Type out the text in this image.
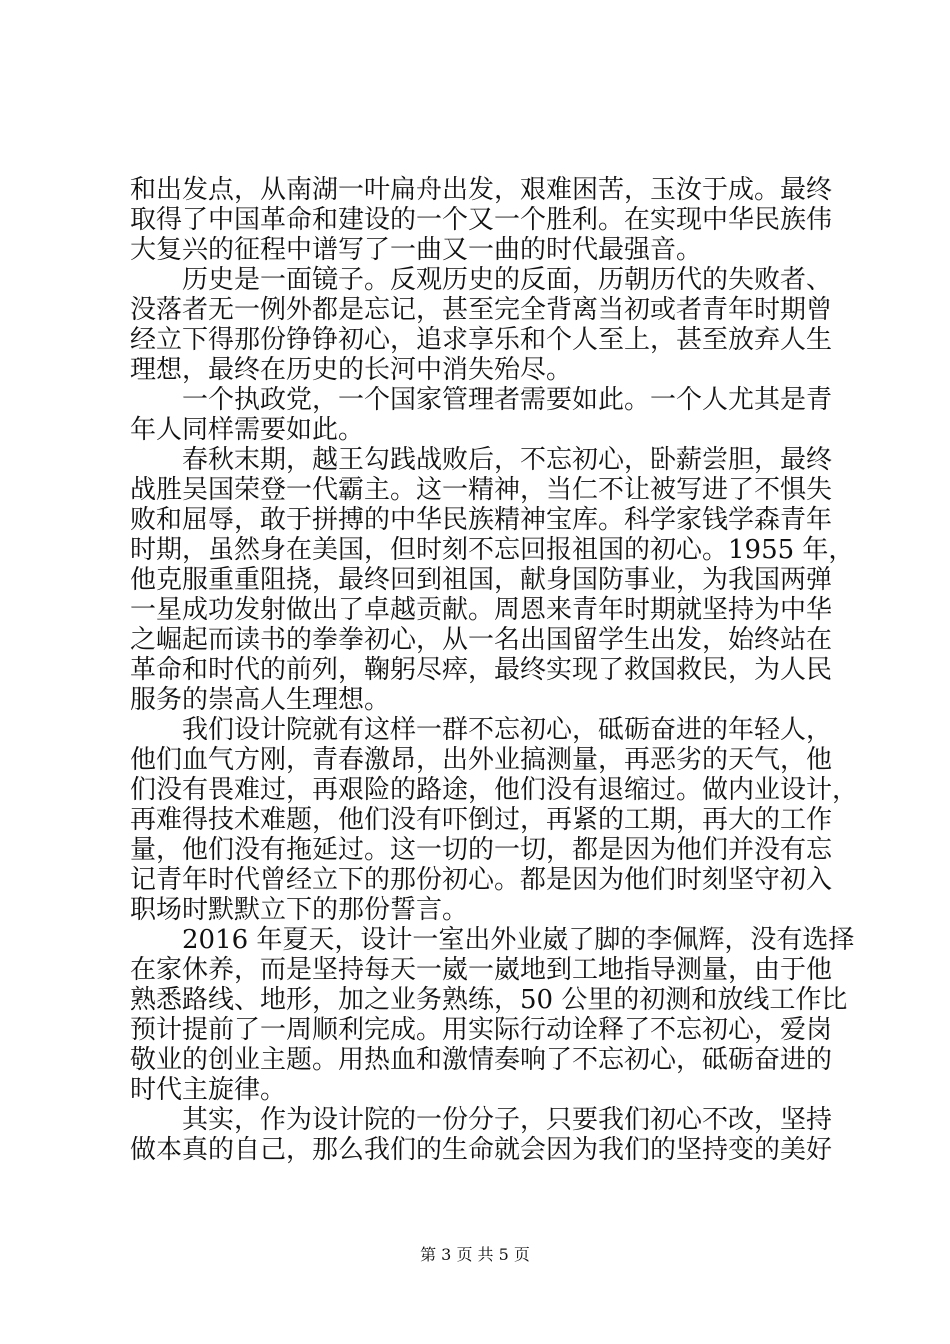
和出发点，从南湖一叶扁舟出发，艰难困苦，玉汝于成。最终
取得了中国革命和建设的一个又一个胜利。在实现中华民族伟
大复兴的征程中谱写了一曲又一曲的时代最强音。
　　历史是一面镜子。反观历史的反面，历朝历代的失败者、
没落者无一例外都是忘记，甚至完全背离当初或者青年时期曾
经立下得那份铮铮初心，追求享乐和个人至上，甚至放弃人生
理想，最终在历史的长河中消失殆尽。
　　一个执政党，一个国家管理者需要如此。一个人尤其是青
年人同样需要如此。
　　春秋末期，越王勾践战败后，不忘初心，卧薪尝胆，最终
战胜吴国荣登一代霸主。这一精神，当仁不让被写进了不惧失
败和屈辱，敢于拼搏的中华民族精神宝库。科学家钱学森青年
时期，虽然身在美国，但时刻不忘回报祖国的初心。1955 年，
他克服重重阻挠，最终回到祖国，献身国防事业，为我国两弹
一星成功发射做出了卓越贡献。周恩来青年时期就坚持为中华
之崛起而读书的拳拳初心，从一名出国留学生出发，始终站在
革命和时代的前列，鞠躬尽瘁，最终实现了救国救民，为人民
服务的崇高人生理想。
　　我们设计院就有这样一群不忘初心，砥砺奋进的年轻人，
他们血气方刚，青春激昂，出外业搞测量，再恶劣的天气，他
们没有畏难过，再艰险的路途，他们没有退缩过。做内业设计，
再难得技术难题，他们没有吓倒过，再紧的工期，再大的工作
量，他们没有拖延过。这一切的一切，都是因为他们并没有忘
记青年时代曾经立下的那份初心。都是因为他们时刻坚守初入
职场时默默立下的那份誓言。
　　2016 年夏天，设计一室出外业崴了脚的李佩辉，没有选择
在家休养，而是坚持每天一崴一崴地到工地指导测量，由于他
熟悉路线、地形，加之业务熟练，50 公里的初测和放线工作比
预计提前了一周顺利完成。用实际行动诠释了不忘初心，爱岗
敬业的创业主题。用热血和激情奏响了不忘初心，砥砺奋进的
时代主旋律。
　　其实，作为设计院的一份分子，只要我们初心不改，坚持
做本真的自己，那么我们的生命就会因为我们的坚持变的美好
第 3 页 共 5 页
